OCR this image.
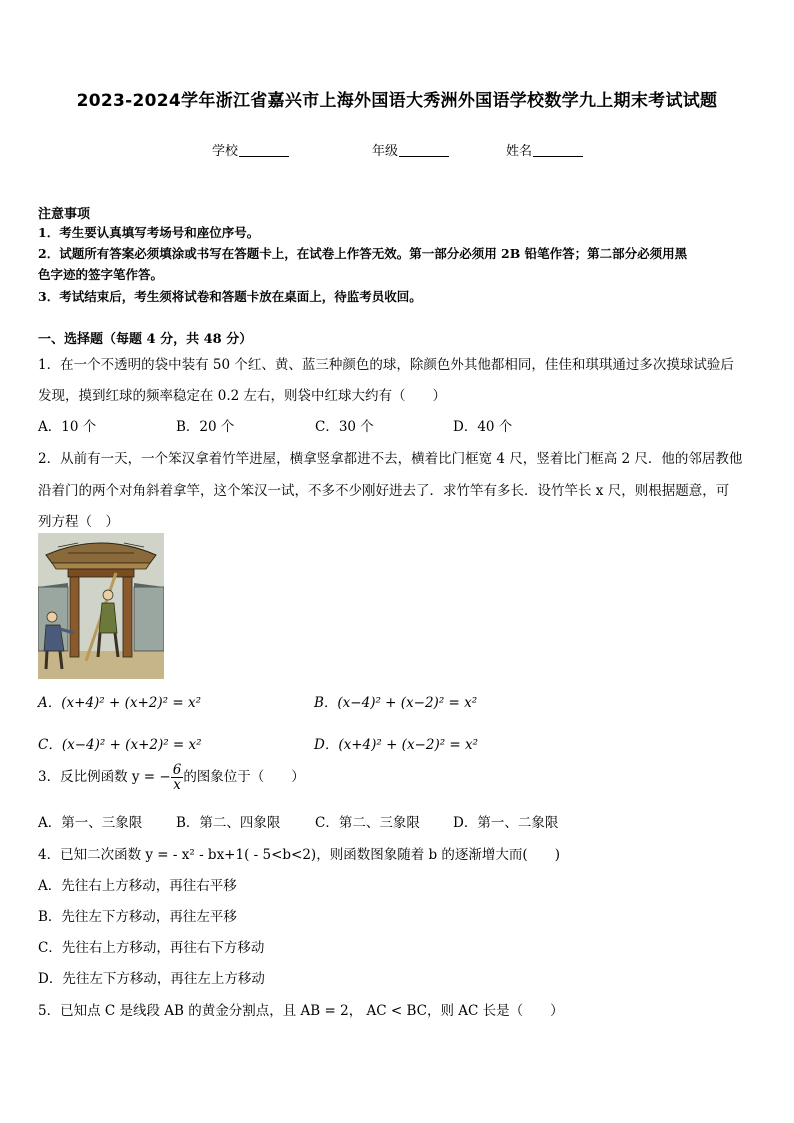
2023-2024学年浙江省嘉兴市上海外国语大秀洲外国语学校数学九上期末考试试题
学校	年级	姓名
注意事项
1．考生要认真填写考场号和座位序号。
2．试题所有答案必须填涂或书写在答题卡上，在试卷上作答无效。第一部分必须用 2B 铅笔作答；第二部分必须用黑
色字迹的签字笔作答。
3．考试结束后，考生须将试卷和答题卡放在桌面上，待监考员收回。
一、选择题（每题 4 分，共 48 分）
1．在一个不透明的袋中装有 50 个红、黄、蓝三种颜色的球，除颜色外其他都相同，佳佳和琪琪通过多次摸球试验后
发现，摸到红球的频率稳定在 0.2 左右，则袋中红球大约有（　　）
A．10 个	B．20 个	C．30 个	D．40 个
2．从前有一天，一个笨汉拿着竹竿进屋，横拿竖拿都进不去，横着比门框宽 4 尺，竖着比门框高 2 尺．他的邻居教他
沿着门的两个对角斜着拿竿，这个笨汉一试，不多不少刚好进去了．求竹竿有多长．设竹竿长 x 尺，则根据题意，可
列方程（　）
A．(x+4)² + (x+2)² = x²	B．(x−4)² + (x−2)² = x²
C．(x−4)² + (x+2)² = x²	D．(x+4)² + (x−2)² = x²
3．反比例函数 y = − $\frac{6}{x}$ 的图象位于（　　）
A．第一、三象限	B．第二、四象限	C．第二、三象限 D．第一、二象限
4．已知二次函数 y = - x² - bx+1( - 5<b<2)，则函数图象随着 b 的逐渐增大而(　　)
A．先往右上方移动，再往右平移
B．先往左下方移动，再往左平移
C．先往右上方移动，再往右下方移动
D．先往左下方移动，再往左上方移动
5．已知点 C 是线段 AB 的黄金分割点，且 AB = 2， AC < BC，则 AC 长是（　　）
